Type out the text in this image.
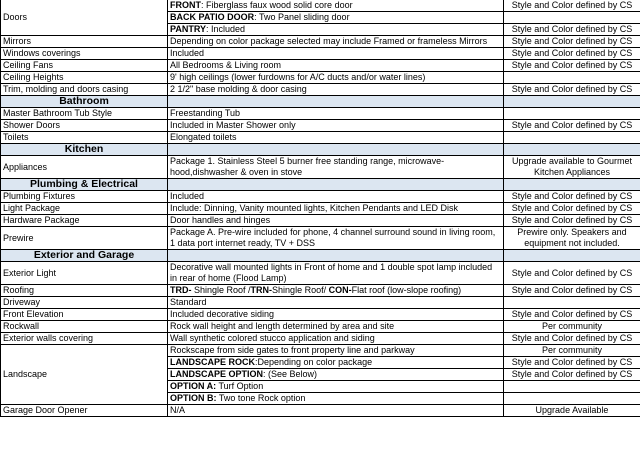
Doors	FRONT: Fiberglass faux wood solid core door	Style and Color defined by CS
	BACK PATIO DOOR: Two Panel sliding door	
	PANTRY: Included	Style and Color defined by CS
Mirrors	Depending on color package selected may include Framed or frameless Mirrors	Style and Color defined by CS
Windows coverings	Included	Style and Color defined by CS
Ceiling Fans	All Bedrooms & Living room	Style and Color defined by CS
Ceiling Heights	9' high ceilings (lower furdowns for A/C ducts and/or water lines)	
Trim, molding and doors casing	2 1/2" base molding & door casing	Style and Color defined by CS
Bathroom		
Master Bathroom Tub Style	Freestanding Tub	
Shower Doors	Included in Master Shower only	Style and Color defined by CS
Toilets	Elongated toilets	
Kitchen		
Appliances	Package 1. Stainless Steel 5 burner free standing range, microwave-hood,dishwasher & oven in stove	Upgrade available to Gourmet Kitchen Appliances
Plumbing & Electrical		
Plumbing Fixtures	Included	Style and Color defined by CS
Light Package	Include: Dinning, Vanity mounted lights, Kitchen Pendants and LED Disk	Style and Color defined by CS
Hardware Package	Door handles and hinges	Style and Color defined by CS
Prewire	Package A. Pre-wire included for phone, 4 channel surround sound in living room, 1 data port internet ready, TV + DSS	Prewire only. Speakers and equipment not included.
Exterior and Garage		
Exterior Light	Decorative wall mounted lights in Front of home and 1 double spot lamp included in rear of home (Flood Lamp)	Style and Color defined by CS
Roofing	TRD- Shingle Roof /TRN-Shingle Roof/ CON-Flat roof (low-slope roofing)	Style and Color defined by CS
Driveway	Standard	
Front Elevation	Included decorative siding	Style and Color defined by CS
Rockwall	Rock wall height and length determined by area and site	Per community
Exterior walls covering	Wall synthetic colored stucco application and siding	Style and Color defined by CS
Landscape	Rockscape from side gates to front property line and parkway	Per community
	LANDSCAPE ROCK:Depending on color package	Style and Color defined by CS
	LANDSCAPE OPTION: (See Below)	Style and Color defined by CS
	OPTION A: Turf Option	
	OPTION B: Two tone Rock option	
Garage Door Opener	N/A	Upgrade Available
